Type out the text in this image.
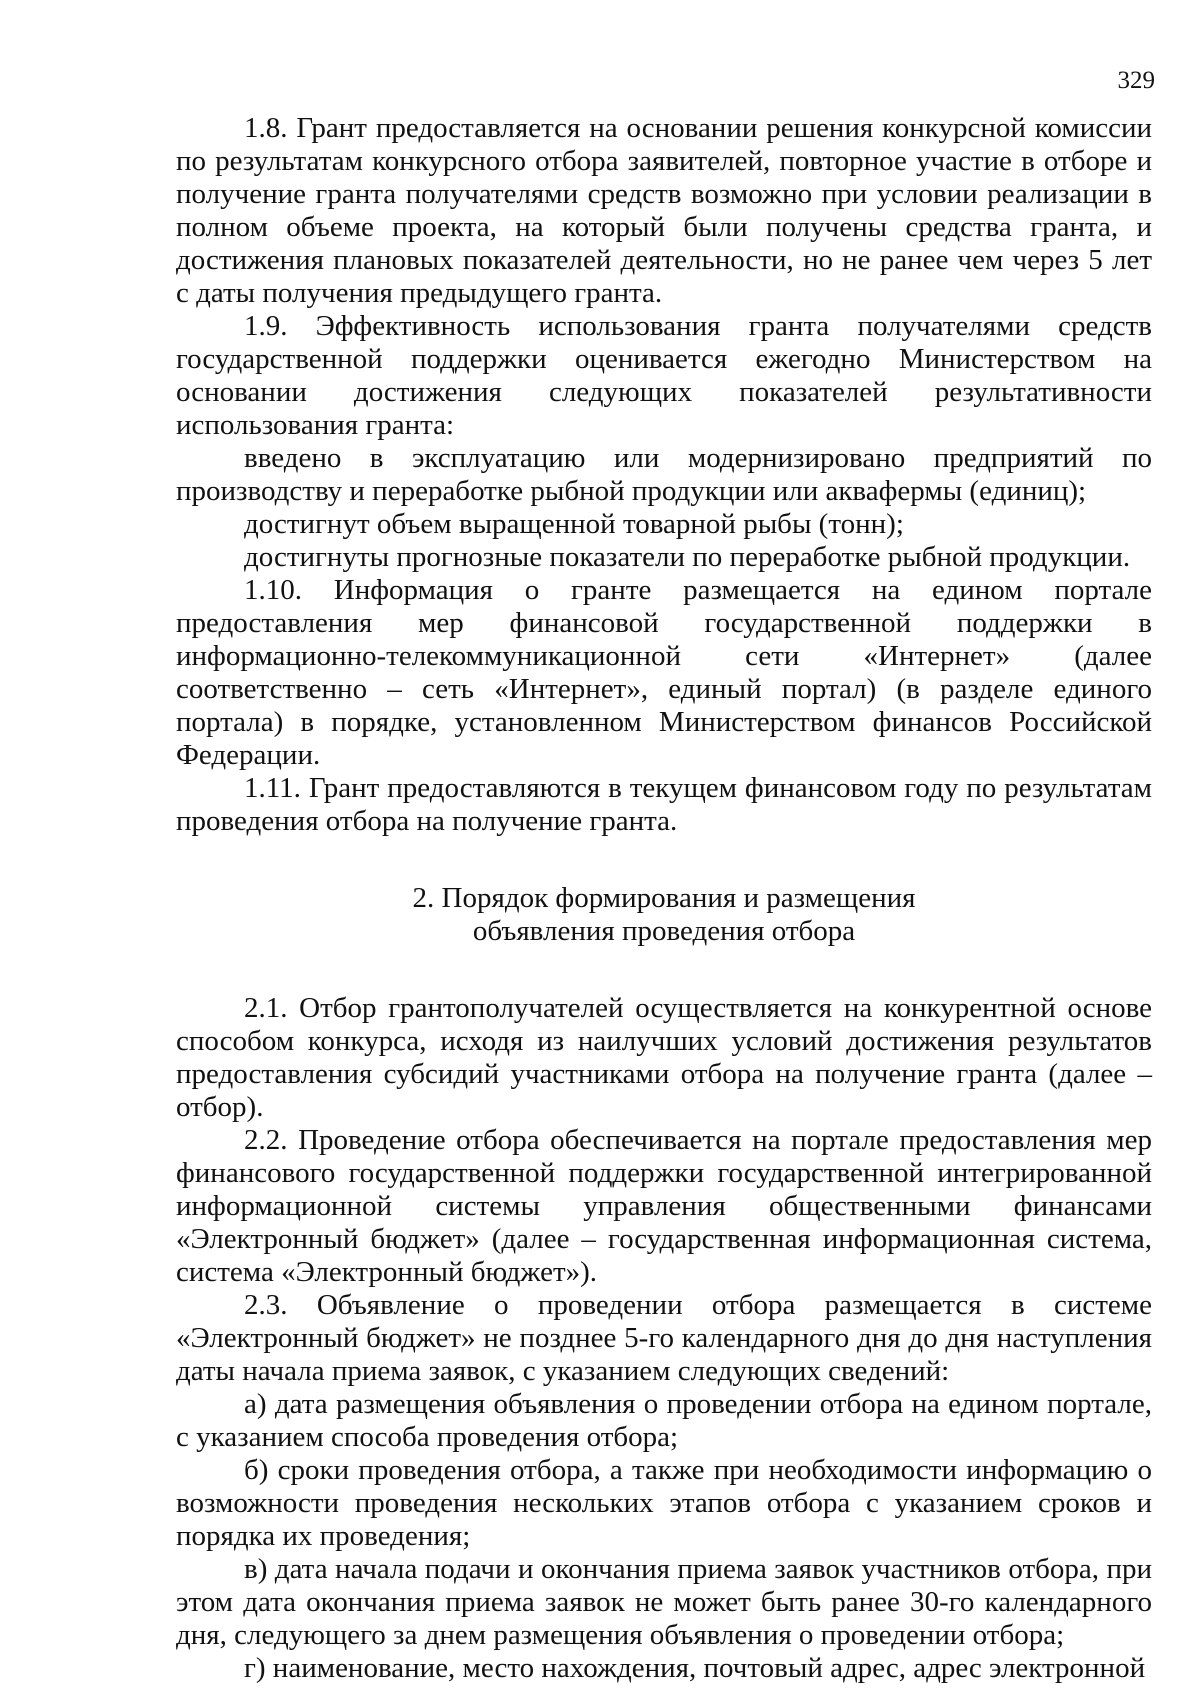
329

1.8. Грант предоставляется на основании решения конкурсной комиссии по результатам конкурсного отбора заявителей, повторное участие в отборе и получение гранта получателями средств возможно при условии реализации в полном объеме проекта, на который были получены средства гранта, и достижения плановых показателей деятельности, но не ранее чем через 5 лет с даты получения предыдущего гранта.

1.9. Эффективность использования гранта получателями средств государственной поддержки оценивается ежегодно Министерством на основании достижения следующих показателей результативности использования гранта:

введено в эксплуатацию или модернизировано предприятий по производству и переработке рыбной продукции или аквафермы (единиц);

достигнут объем выращенной товарной рыбы (тонн);

достигнуты прогнозные показатели по переработке рыбной продукции.

1.10. Информация о гранте размещается на едином портале предоставления мер финансовой государственной поддержки в информационно-телекоммуникационной сети «Интернет» (далее соответственно – сеть «Интернет», единый портал) (в разделе единого портала) в порядке, установленном Министерством финансов Российской Федерации.

1.11. Грант предоставляются в текущем финансовом году по результатам проведения отбора на получение гранта.

2. Порядок формирования и размещения
объявления проведения отбора

2.1. Отбор грантополучателей осуществляется на конкурентной основе способом конкурса, исходя из наилучших условий достижения результатов предоставления субсидий участниками отбора на получение гранта (далее – отбор).

2.2. Проведение отбора обеспечивается на портале предоставления мер финансового государственной поддержки государственной интегрированной информационной системы управления общественными финансами «Электронный бюджет» (далее – государственная информационная система, система «Электронный бюджет»).

2.3. Объявление о проведении отбора размещается в системе «Электронный бюджет» не позднее 5-го календарного дня до дня наступления даты начала приема заявок, с указанием следующих сведений:

а) дата размещения объявления о проведении отбора на едином портале, с указанием способа проведения отбора;

б) сроки проведения отбора, а также при необходимости информацию о возможности проведения нескольких этапов отбора с указанием сроков и порядка их проведения;

в) дата начала подачи и окончания приема заявок участников отбора, при этом дата окончания приема заявок не может быть ранее 30-го календарного дня, следующего за днем размещения объявления о проведении отбора;

г) наименование, место нахождения, почтовый адрес, адрес электронной
